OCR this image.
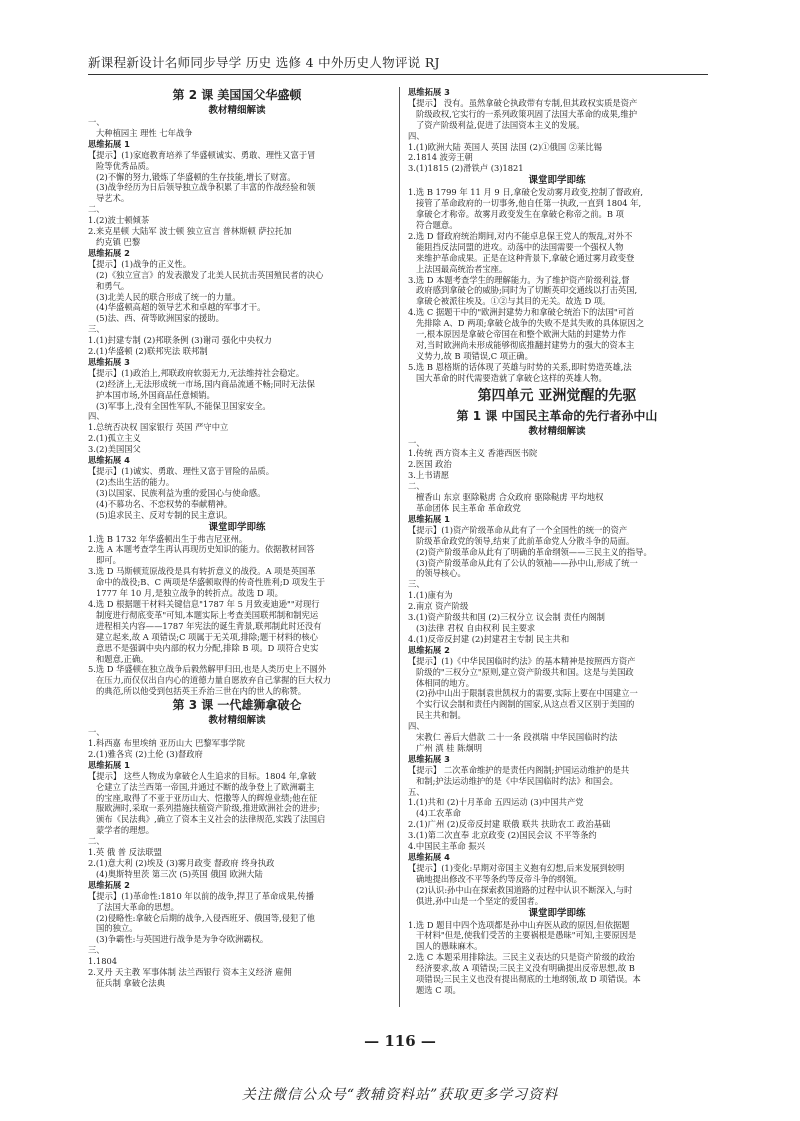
新课程新设计名师同步导学 历史 选修 4 中外历史人物评说 RJ
第 2 课 美国国父华盛顿
教材精细解读
一、
大种植园主 理性 七年战争
思维拓展 1
【提示】(1)家庭教育培养了华盛顿诚实、勇敢、理性又富于冒
险等优秀品质。
(2)不懈的努力,锻炼了华盛顿的生存技能,增长了财富。
(3)战争经历为日后领导独立战争积累了丰富的作战经验和领
导艺术。
二、
1.(2)波士顿倾茶
2.来克星顿 大陆军 波士顿 独立宣言 普林斯顿 萨拉托加
约克镇 巴黎
思维拓展 2
【提示】(1)战争的正义性。
(2)《独立宣言》的发表激发了北美人民抗击英国殖民者的决心
和勇气。
(3)北美人民的联合形成了统一的力量。
(4)华盛顿高超的领导艺术和卓越的军事才干。
(5)法、西、荷等欧洲国家的援助。
三、
1.(1)封建专制 (2)邦联条例 (3)谢司 强化中央权力
2.(1)华盛顿 (2)联邦宪法 联邦制
思维拓展 3
【提示】(1)政治上,邦联政府软弱无力,无法维持社会稳定。
(2)经济上,无法形成统一市场,国内商品流通不畅;同时无法保
护本国市场,外国商品任意倾销。
(3)军事上,没有全国性军队,不能保卫国家安全。
四、
1.总统否决权 国家银行 英国 严守中立
2.(1)孤立主义
3.(2)美国国父
思维拓展 4
【提示】(1)诚实、勇敢、理性又富于冒险的品质。
(2)杰出生活的能力。
(3)以国家、民族利益为重的爱国心与使命感。
(4)不慕功名、不恋权势的奉献精神。
(5)追求民主、反对专制的民主意识。
课堂即学即练
1.选 B 1732 年华盛顿出生于弗吉尼亚州。
2.选 A 本题考查学生再认再现历史知识的能力。依据教材回答
即可。
3.选 D 马斯顿荒原战役是具有转折意义的战役。A 项是英国革
命中的战役;B、C 两项是华盛顿取得的传奇性胜利;D 项发生于
1777 年 10 月,是独立战争的转折点。故选 D 项。
4.选 D 根据题干材料关键信息"1787 年 5 月致麦迪逊""对现行
制度进行彻底变革"可知,本题实际上考查美国联邦制和制宪运
进程相关内容——1787 年宪法的诞生背景,联邦制此时还没有
建立起来,故 A 项错误;C 项属于无关项,排除;题干材料的核心
意思不是强调中央内部的权力分配,排除 B 项。D 项符合史实
和题意,正确。
5.选 D 华盛顿在独立战争后毅然解甲归田,也是人类历史上不圆外
在压力,而仅仅出自内心的道德力量自愿放弃自己掌握的巨大权力
的典范,所以他受到包括英王乔治三世在内的世人的称赞。
第 3 课 一代雄狮拿破仑
教材精细解读
一、
1.科西嘉 布里埃纳 亚历山大 巴黎军事学院
2.(1)雅各宾 (2)土伦 (3)督政府
思维拓展 1
【提示】 这些人物成为拿破仑人生追求的目标。1804 年,拿破
仑建立了法兰西第一帝国,并通过不断的战争登上了欧洲霸主
的宝座,取得了不亚于亚历山大、恺撒等人的辉煌业绩;他在征
服欧洲时,采取一系列措施扶植资产阶级,推进欧洲社会的进步;
颁布《民法典》,确立了资本主义社会的法律规范,实践了法国启
蒙学者的理想。
二、
1.英 俄 普 反法联盟
2.(1)意大利 (2)埃及 (3)雾月政变 督政府 终身执政
(4)奥斯特里茨 第三次 (5)英国 俄国 欧洲大陆
思维拓展 2
【提示】(1)革命性:1810 年以前的战争,捍卫了革命成果,传播
了法国大革命的思想。
(2)侵略性:拿破仑后期的战争,入侵西班牙、俄国等,侵犯了他
国的独立。
(3)争霸性:与英国进行战争是为争夺欧洲霸权。
三、
1.1804
2.叉丹 天主教 军事体制 法兰西银行 资本主义经济 雇佣
征兵制 拿破仑法典
思维拓展 3
【提示】 没有。虽然拿破仑执政带有专制,但其政权实质是资产
阶级政权,它实行的一系列政策巩固了法国大革命的成果,维护
了资产阶级利益,促进了法国资本主义的发展。
四、
1.(1)欧洲大陆 英国人 英国 法国 (2)①俄国 ②莱比锡
2.1814 波旁王朝
3.(1)1815 (2)滑铁卢 (3)1821
课堂即学即练
1.选 B 1799 年 11 月 9 日,拿破仑发动雾月政变,控制了督政府,
接管了革命政府的一切事务,他自任第一执政,一直到 1804 年,
拿破仑才称帝。故雾月政变发生在拿破仑称帝之前。B 项
符合题意。
2.选 D 督政府统治期间,对内不能卓息保王党人的叛乱,对外不
能阻挡反法同盟的进攻。动荡中的法国需要一个强权人物
来维护革命成果。正是在这种背景下,拿破仑通过雾月政变登
上法国最高统治者宝座。
3.选 D 本题考查学生的理解能力。为了维护资产阶级利益,督
政府感到拿破仑的威胁;同时为了切断英印交通线以打击英国,
拿破仑被派往埃及。①②与其目的无关。故选 D 项。
4.选 C 据题干中的"欧洲封建势力和拿破仑统治下的法国"可首
先排除 A、D 两项;拿破仑战争的失败不是其失败的具体原因之
一,根本原因是拿破仑帝国在和整个欧洲大陆的封建势力作
对,当时欧洲尚未形成能够彻底推翻封建势力的强大的资本主
义势力,故 B 项错误,C 项正确。
5.选 B 恩格斯的话体现了英雄与时势的关系,即时势造英雄,法
国大革命的时代需要造就了拿破仑这样的英雄人物。
第四单元 亚洲觉醒的先驱
第 1 课 中国民主革命的先行者孙中山
教材精细解读
一、
1.传统 西方资本主义 香港西医书院
2.医国 政治
3.上书请愿
二、
檀香山 东京 驱除鞑虏 合众政府 驱除鞑虏 平均地权
革命团体 民主革命 革命政党
思维拓展 1
【提示】(1)资产阶级革命从此有了一个全国性的统一的资产
阶级革命政党的领导,结束了此前革命党人分散斗争的局面。
(2)资产阶级革命从此有了明确的革命纲领——三民主义的指导。
(3)资产阶级革命从此有了公认的领袖——孙中山,形成了统一
的领导核心。
三、
1.(1)康有为
2.南京 资产阶级
3.(1)资产阶级共和国 (2)三权分立 议会制 责任内阁制
(3)法律 君权 自由权利 民主要求
4.(1)反帝反封建 (2)封建君主专制 民主共和
思维拓展 2
【提示】(1)《中华民国临时约法》的基本精神是按照西方资产
阶级的"三权分立"原则,建立资产阶级共和国。这是与美国政
体相同的地方。
(2)孙中山出于限制袁世凯权力的需要,实际上要在中国建立一
个实行议会制和责任内阁制的国家,从这点看又区别于美国的
民主共和制。
四、
宋教仁 善后大借款 二十一条 段祺瑞 中华民国临时约法
广州 滇 桂 陈炯明
思维拓展 3
【提示】 二次革命维护的是责任内阁制;护国运动维护的是共
和制;护法运动维护的是《中华民国临时约法》和国会。
五、
1.(1)共和 (2)十月革命 五四运动 (3)中国共产党
(4)工农革命
2.(1)广州 (2)反帝反封建 联俄 联共 扶助农工 政治基础
3.(1)第二次直奉 北京政变 (2)国民会议 不平等条约
4.中国民主革命 振兴
思维拓展 4
【提示】(1)变化:早期对帝国主义抱有幻想,后来发展到较明
确地提出修改不平等条约等反帝斗争的纲领。
(2)认识:孙中山在探索救国道路的过程中认识不断深入,与时
俱进,孙中山是一个坚定的爱国者。
课堂即学即练
1.选 D 题目中四个选项都是孙中山弃医从政的原因,但依据题
干材料"但是,使我们受苦的主要祸根是愚昧"可知,主要原因是
国人的愚昧麻木。
2.选 C 本题采用排除法。三民主义表达的只是资产阶级的政治
经济要求,故 A 项错误;三民主义没有明确提出反帝思想,故 B
项错误;三民主义也没有提出彻底的土地纲领,故 D 项错误。本
题选 C 项。
— 116 —
关注微信公众号“教辅资料站”获取更多学习资料
